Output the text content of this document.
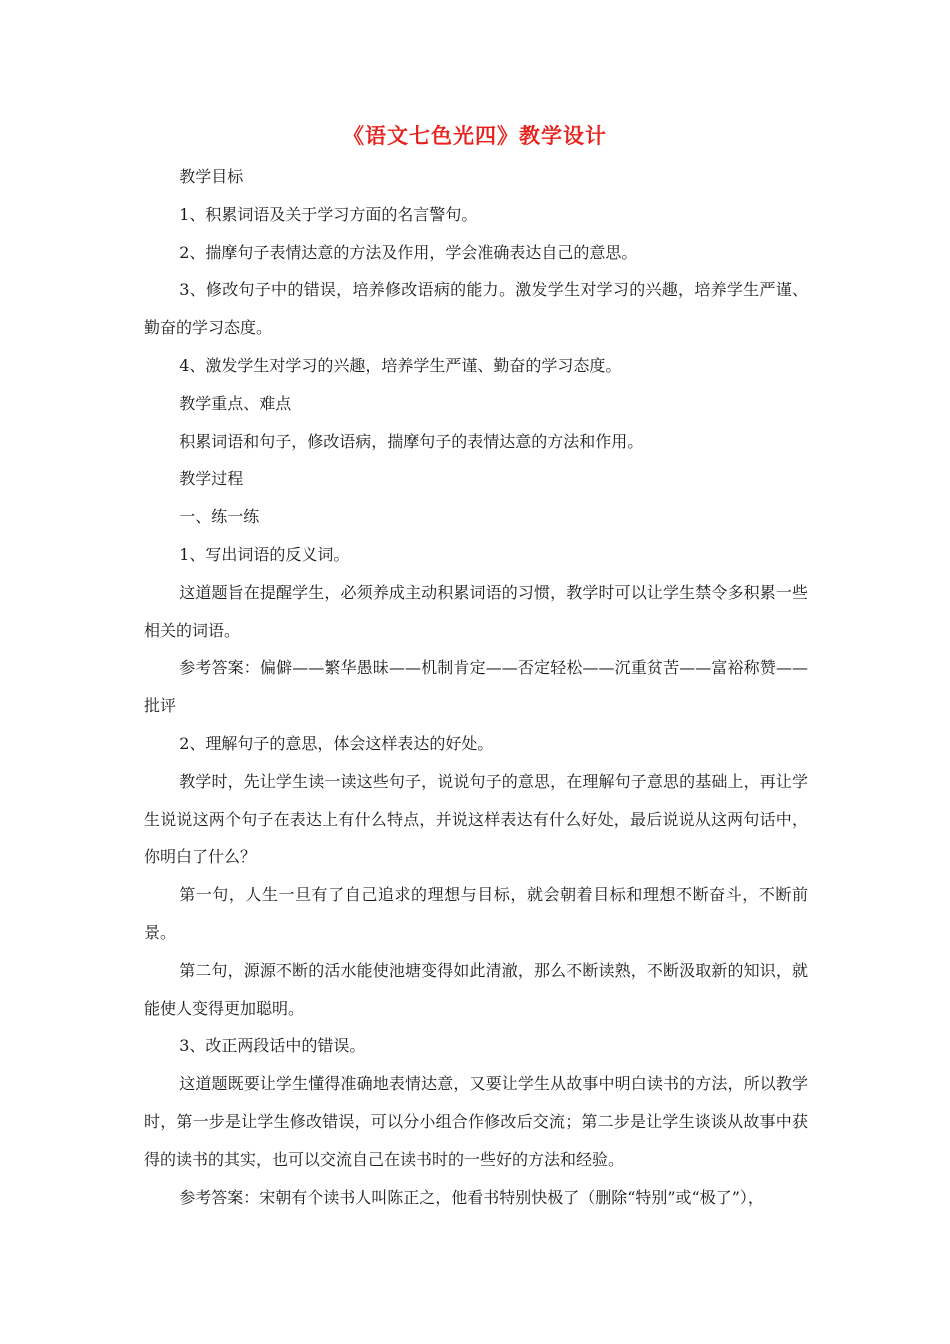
《语文七色光四》教学设计

教学目标

1、积累词语及关于学习方面的名言警句。

2、揣摩句子表情达意的方法及作用，学会准确表达自己的意思。

3、修改句子中的错误，培养修改语病的能力。激发学生对学习的兴趣，培养学生严谨、勤奋的学习态度。

4、激发学生对学习的兴趣，培养学生严谨、勤奋的学习态度。

教学重点、难点

积累词语和句子，修改语病，揣摩句子的表情达意的方法和作用。

教学过程

一、练一练

1、写出词语的反义词。

这道题旨在提醒学生，必须养成主动积累词语的习惯，教学时可以让学生禁令多积累一些相关的词语。

参考答案：偏僻——繁华愚昧——机制肯定——否定轻松——沉重贫苦——富裕称赞——批评

2、理解句子的意思，体会这样表达的好处。

教学时，先让学生读一读这些句子，说说句子的意思，在理解句子意思的基础上，再让学生说说这两个句子在表达上有什么特点，并说这样表达有什么好处，最后说说从这两句话中，你明白了什么？

第一句，人生一旦有了自己追求的理想与目标，就会朝着目标和理想不断奋斗，不断前景。

第二句，源源不断的活水能使池塘变得如此清澈，那么不断读熟，不断汲取新的知识，就能使人变得更加聪明。

3、改正两段话中的错误。

这道题既要让学生懂得准确地表情达意，又要让学生从故事中明白读书的方法，所以教学时，第一步是让学生修改错误，可以分小组合作修改后交流；第二步是让学生谈谈从故事中获得的读书的其实，也可以交流自己在读书时的一些好的方法和经验。

参考答案：宋朝有个读书人叫陈正之，他看书特别快极了（删除“特别”或“极了”），
